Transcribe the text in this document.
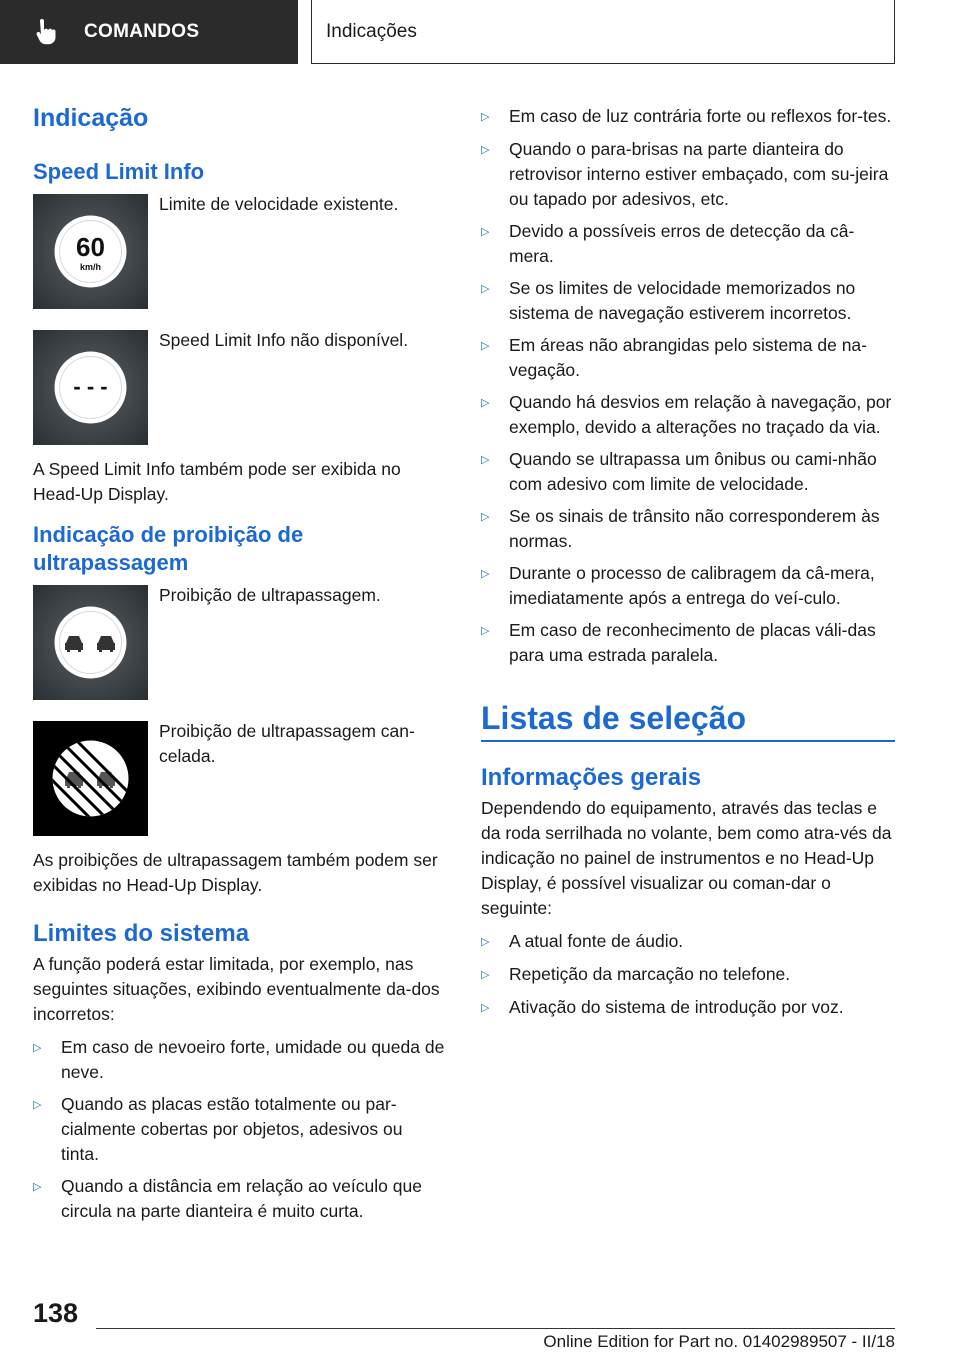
COMANDOS	Indicações
Indicação
Speed Limit Info
60
km/h
Limite de velocidade existente.
- - -
Speed Limit Info não disponível.

A Speed Limit Info também pode ser exibida no Head-Up Display.

Indicação de proibição de ultrapassagem
Proibição de ultrapassagem.
Proibição de ultrapassagem can-celada.

As proibições de ultrapassagem também podem ser exibidas no Head-Up Display.

Limites do sistema

A função poderá estar limitada, por exemplo, nas seguintes situações, exibindo eventualmente da-dos incorretos:

▷	Em caso de nevoeiro forte, umidade ou queda de neve.
▷	Quando as placas estão totalmente ou par-cialmente cobertas por objetos, adesivos ou tinta.
▷	Quando a distância em relação ao veículo que circula na parte dianteira é muito curta.
▷	Em caso de luz contrária forte ou reflexos for-tes.
▷	Quando o para-brisas na parte dianteira do retrovisor interno estiver embaçado, com su-jeira ou tapado por adesivos, etc.
▷	Devido a possíveis erros de detecção da câ-mera.
▷	Se os limites de velocidade memorizados no sistema de navegação estiverem incorretos.
▷	Em áreas não abrangidas pelo sistema de na-vegação.
▷	Quando há desvios em relação à navegação, por exemplo, devido a alterações no traçado da via.
▷	Quando se ultrapassa um ônibus ou cami-nhão com adesivo com limite de velocidade.
▷	Se os sinais de trânsito não corresponderem às normas.
▷	Durante o processo de calibragem da câ-mera, imediatamente após a entrega do veí-culo.
▷	Em caso de reconhecimento de placas váli-das para uma estrada paralela.
Listas de seleção
Informações gerais

Dependendo do equipamento, através das teclas e da roda serrilhada no volante, bem como atra-vés da indicação no painel de instrumentos e no Head-Up Display, é possível visualizar ou coman-dar o seguinte:

▷	A atual fonte de áudio.
▷	Repetição da marcação no telefone.
▷	Ativação do sistema de introdução por voz.
138
Online Edition for Part no. 01402989507 - II/18
